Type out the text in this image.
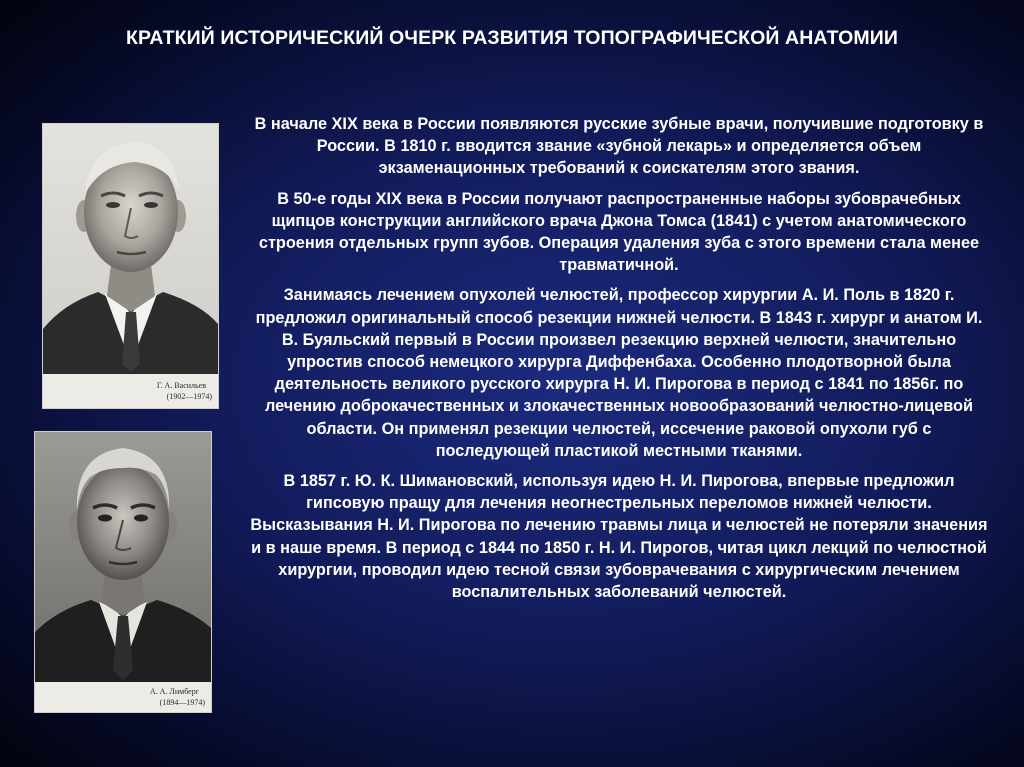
КРАТКИЙ ИСТОРИЧЕСКИЙ ОЧЕРК РАЗВИТИЯ ТОПОГРАФИЧЕСКОЙ АНАТОМИИ
Г. А. Васильев
(1902—1974)
А. А. Лимберг
(1894—1974)

В начале XIX века в России появляются русские зубные врачи, получившие подготовку в России. В 1810 г. вводится звание «зубной лекарь» и определяется объем экзаменационных требований к соискателям этого звания.

В 50-е годы XIX века в России получают распространенные наборы зубоврачебных щипцов конструкции английского врача Джона Томса (1841) с учетом анатомического строения отдельных групп зубов. Операция удаления зуба с этого времени стала менее травматичной.

Занимаясь лечением опухолей челюстей, профессор хирургии А. И. Поль в 1820 г. предложил оригинальный способ резекции нижней челюсти. В 1843 г. хирург и анатом И. В. Буяльский первый в России произвел резекцию верхней челюсти, значительно упростив способ немецкого хирурга Диффенбаха. Особенно плодотворной была деятельность великого русского хирурга Н. И. Пирогова в период с 1841 по 1856г. по лечению доброкачественных и злокачественных новообразований челюстно-лицевой области. Он применял резекции челюстей, иссечение раковой опухоли губ с последующей пластикой местными тканями.

В 1857 г. Ю. К. Шимановский, используя идею Н. И. Пирогова, впервые предложил гипсовую пращу для лечения неогнестрельных переломов нижней челюсти. Высказывания Н. И. Пирогова по лечению травмы лица и челюстей не потеряли значения и в наше время. В период с 1844 по 1850 г. Н. И. Пирогов, читая цикл лекций по челюстной хирургии, проводил идею тесной связи зубоврачевания с хирургическим лечением воспалительных заболеваний челюстей.
